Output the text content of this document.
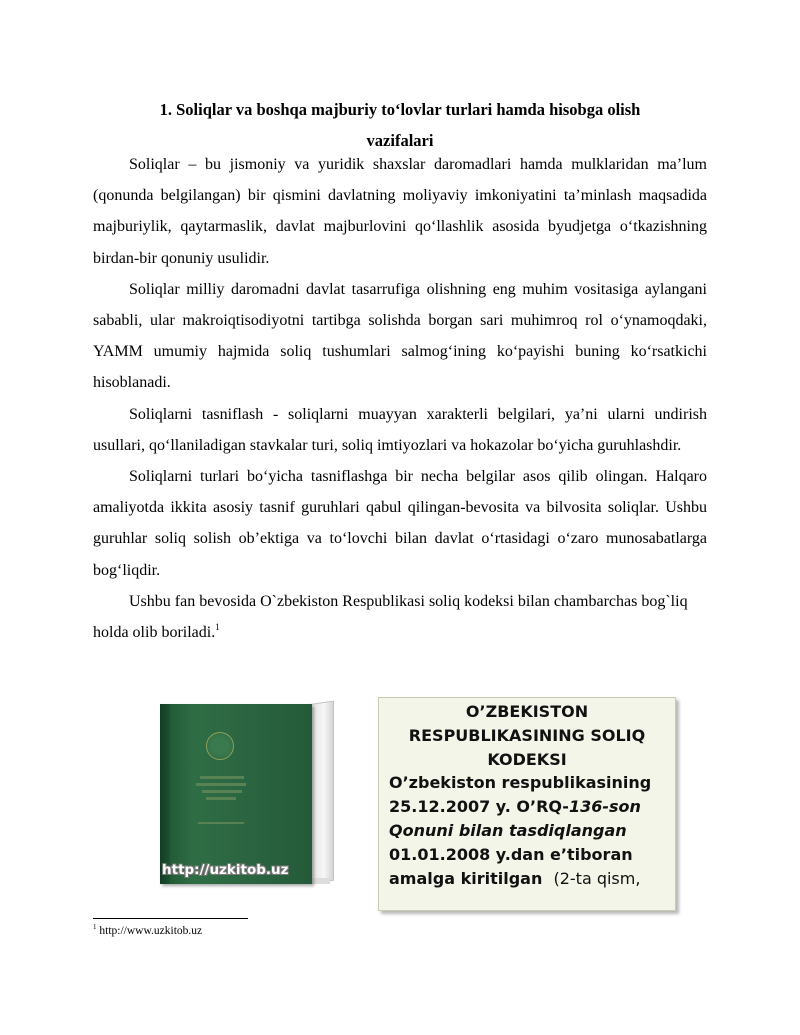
1. Soliqlar va boshqa majburiy to‘lovlar turlari hamda hisobga olish
vazifalari

Soliqlar – bu jismoniy va yuridik shaxslar daromadlari hamda mulklaridan ma’lum (qonunda belgilangan) bir qismini davlatning moliyaviy imkoniyatini ta’minlash maqsadida majburiylik, qaytarmaslik, davlat majburlovini qo‘llashlik asosida byudjetga o‘tkazishning birdan-bir qonuniy usulidir.

Soliqlar milliy daromadni davlat tasarrufiga olishning eng muhim vositasiga aylangani sababli, ular makroiqtisodiyotni tartibga solishda borgan sari muhimroq rol o‘ynamoqdaki, YAMM umumiy hajmida soliq tushumlari salmog‘ining ko‘payishi buning ko‘rsatkichi hisoblanadi.

Soliqlarni tasniflash - soliqlarni muayyan xarakterli belgilari, ya’ni ularni undirish usullari, qo‘llaniladigan stavkalar turi, soliq imtiyozlari va hokazolar bo‘yicha guruhlashdir.

Soliqlarni turlari bo‘yicha tasniflashga bir necha belgilar asos qilib olingan. Halqaro amaliyotda ikkita asosiy tasnif guruhlari qabul qilingan-bevosita va bilvosita soliqlar. Ushbu guruhlar soliq solish ob’ektiga va to‘lovchi bilan davlat o‘rtasidagi o‘zaro munosabatlarga bog‘liqdir.

Ushbu fan bevosida O`zbekiston Respublikasi soliq kodeksi bilan chambarchas bog`liq holda olib boriladi.$^1$

http://uzkitob.uz
O’ZBEKISTON
RESPUBLIKASINING SOLIQ
KODEKSI
O’zbekiston respublikasining
25.12.2007 y. O’RQ-136-son
Qonuni bilan tasdiqlangan
01.01.2008 y.dan e’tiboran
amalga kiritilgan (2-ta qism,
$^1$ http://www.uzkitob.uz
